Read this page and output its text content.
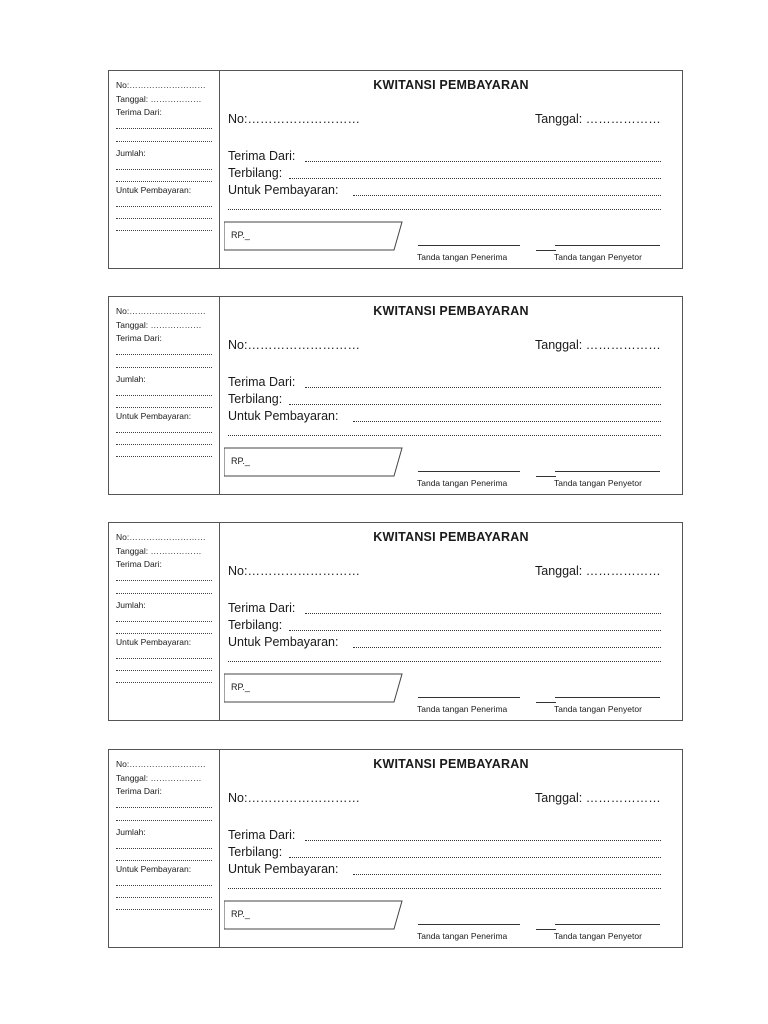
No:………………………
Tanggal: ………………
Terima Dari:
Jumlah:
Untuk Pembayaran:
KWITANSI PEMBAYARAN
No:………………………	Tanggal: ………………
Terima Dari:
Terbilang:
Untuk Pembayaran:
RP._
Tanda tangan Penerima	Tanda tangan Penyetor
No:………………………
Tanggal: ………………
Terima Dari:
Jumlah:
Untuk Pembayaran:
KWITANSI PEMBAYARAN
No:………………………	Tanggal: ………………
Terima Dari:
Terbilang:
Untuk Pembayaran:
RP._
Tanda tangan Penerima	Tanda tangan Penyetor
No:………………………
Tanggal: ………………
Terima Dari:
Jumlah:
Untuk Pembayaran:
KWITANSI PEMBAYARAN
No:………………………	Tanggal: ………………
Terima Dari:
Terbilang:
Untuk Pembayaran:
RP._
Tanda tangan Penerima	Tanda tangan Penyetor
No:………………………
Tanggal: ………………
Terima Dari:
Jumlah:
Untuk Pembayaran:
KWITANSI PEMBAYARAN
No:………………………	Tanggal: ………………
Terima Dari:
Terbilang:
Untuk Pembayaran:
RP._
Tanda tangan Penerima	Tanda tangan Penyetor
